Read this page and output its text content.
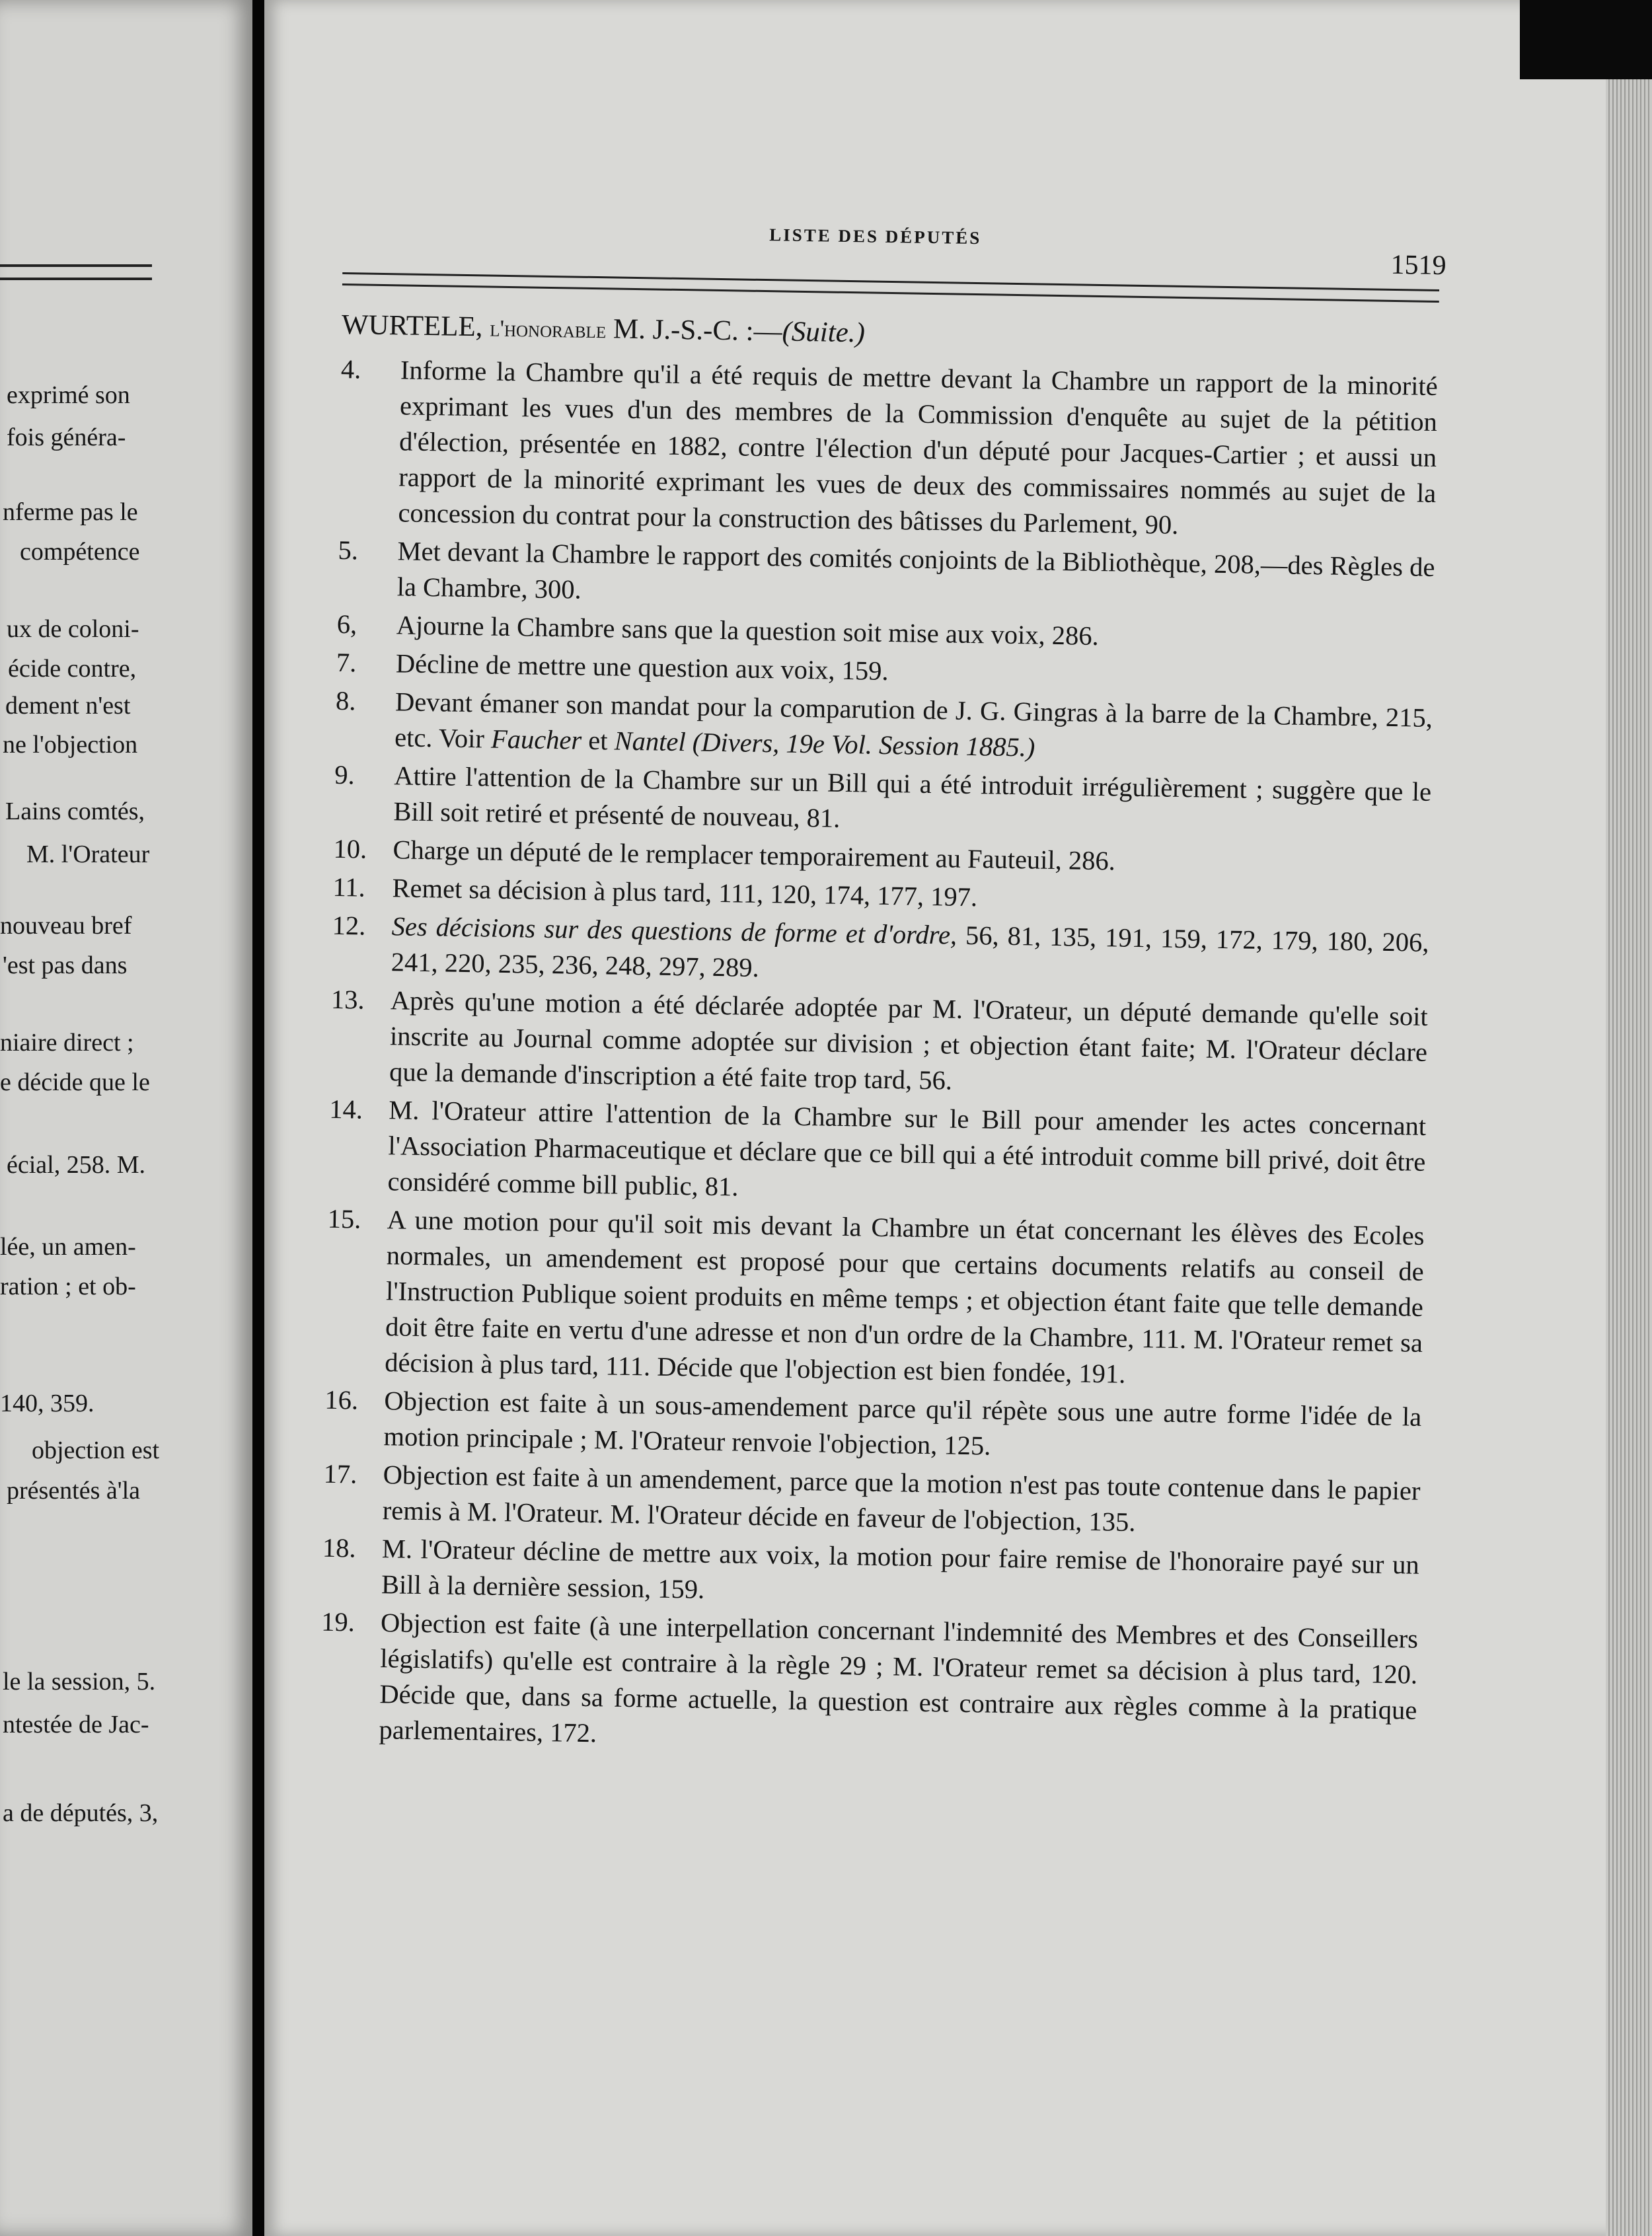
exprimé son
fois généra-
nferme pas le
compétence
ux de coloni-
écide contre,
dement n'est
ne l'objection
Lains comtés,
M. l'Orateur
nouveau bref
'est pas dans
niaire direct ;
e décide que le
écial, 258. M.
lée, un amen-
ration ; et ob-
140, 359.
objection est
présentés à'la
le la session, 5.
ntestée de Jac-
a de députés, 3,
LISTE DES DÉPUTÉS
1519
WURTELE, l'honorable M. J.-S.-C. :—(Suite.)
4. Informe la Chambre qu'il a été requis de mettre devant la Chambre un rapport de la minorité exprimant les vues d'un des membres de la Commission d'enquête au sujet de la pétition d'élection, présentée en 1882, contre l'élection d'un député pour Jacques-Cartier ; et aussi un rapport de la minorité exprimant les vues de deux des commissaires nommés au sujet de la concession du contrat pour la construction des bâtisses du Parlement, 90.
5. Met devant la Chambre le rapport des comités conjoints de la Bibliothèque, 208,—des Règles de la Chambre, 300.
6, Ajourne la Chambre sans que la question soit mise aux voix, 286.
7. Décline de mettre une question aux voix, 159.
8. Devant émaner son mandat pour la comparution de J. G. Gingras à la barre de la Chambre, 215, etc. Voir Faucher et Nantel (Divers, 19e Vol. Session 1885.)
9. Attire l'attention de la Chambre sur un Bill qui a été introduit irrégulièrement ; suggère que le Bill soit retiré et présenté de nouveau, 81.
10. Charge un député de le remplacer temporairement au Fauteuil, 286.
11. Remet sa décision à plus tard, 111, 120, 174, 177, 197.
12. Ses décisions sur des questions de forme et d'ordre, 56, 81, 135, 191, 159, 172, 179, 180, 206, 241, 220, 235, 236, 248, 297, 289.
13. Après qu'une motion a été déclarée adoptée par M. l'Orateur, un député demande qu'elle soit inscrite au Journal comme adoptée sur division ; et objection étant faite; M. l'Orateur déclare que la demande d'inscription a été faite trop tard, 56.
14. M. l'Orateur attire l'attention de la Chambre sur le Bill pour amender les actes concernant l'Association Pharmaceutique et déclare que ce bill qui a été introduit comme bill privé, doit être considéré comme bill public, 81.
15. A une motion pour qu'il soit mis devant la Chambre un état concernant les élèves des Ecoles normales, un amendement est proposé pour que certains documents relatifs au conseil de l'Instruction Publique soient produits en même temps ; et objection étant faite que telle demande doit être faite en vertu d'une adresse et non d'un ordre de la Chambre, 111. M. l'Orateur remet sa décision à plus tard, 111. Décide que l'objection est bien fondée, 191.
16. Objection est faite à un sous-amendement parce qu'il répète sous une autre forme l'idée de la motion principale ; M. l'Orateur renvoie l'objection, 125.
17. Objection est faite à un amendement, parce que la motion n'est pas toute contenue dans le papier remis à M. l'Orateur. M. l'Orateur décide en faveur de l'objection, 135.
18. M. l'Orateur décline de mettre aux voix, la motion pour faire remise de l'honoraire payé sur un Bill à la dernière session, 159.
19. Objection est faite (à une interpellation concernant l'indemnité des Membres et des Conseillers législatifs) qu'elle est contraire à la règle 29 ; M. l'Orateur remet sa décision à plus tard, 120. Décide que, dans sa forme actuelle, la question est contraire aux règles comme à la pratique parlementaires, 172.
